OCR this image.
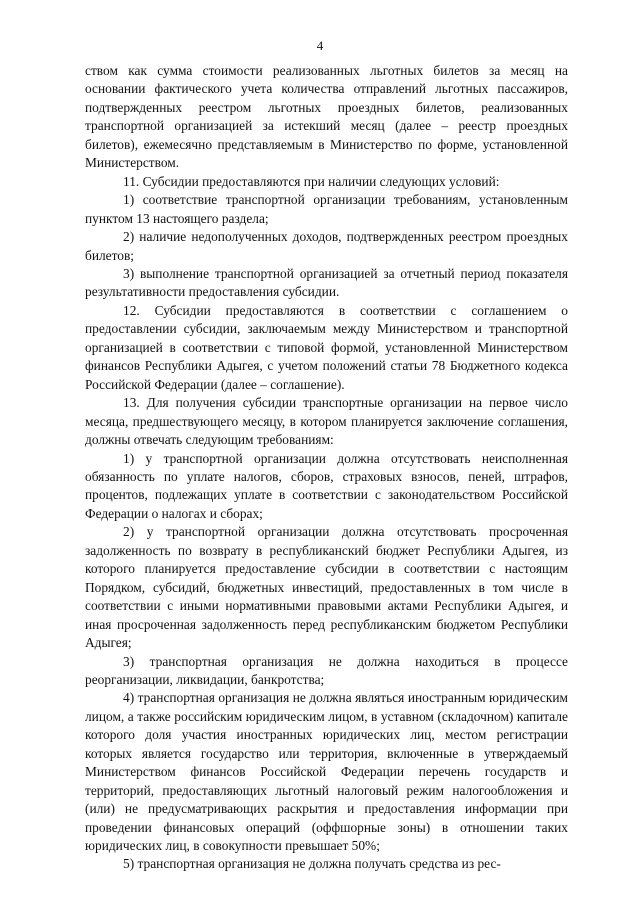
4

ством как сумма стоимости реализованных льготных билетов за месяц на основании фактического учета количества отправлений льготных пассажиров, подтвержденных реестром льготных проездных билетов, реализованных транспортной организацией за истекший месяц (далее – реестр проездных билетов), ежемесячно представляемым в Министерство по форме, установленной Министерством.

11. Субсидии предоставляются при наличии следующих условий:

1) соответствие транспортной организации требованиям, установленным пунктом 13 настоящего раздела;

2) наличие недополученных доходов, подтвержденных реестром проездных билетов;

3) выполнение транспортной организацией за отчетный период показателя результативности предоставления субсидии.

12. Субсидии предоставляются в соответствии с соглашением о предоставлении субсидии, заключаемым между Министерством и транспортной организацией в соответствии с типовой формой, установленной Министерством финансов Республики Адыгея, с учетом положений статьи 78 Бюджетного кодекса Российской Федерации (далее – соглашение).

13. Для получения субсидии транспортные организации на первое число месяца, предшествующего месяцу, в котором планируется заключение соглашения, должны отвечать следующим требованиям:

1) у транспортной организации должна отсутствовать неисполненная обязанность по уплате налогов, сборов, страховых взносов, пеней, штрафов, процентов, подлежащих уплате в соответствии с законодательством Российской Федерации о налогах и сборах;

2) у транспортной организации должна отсутствовать просроченная задолженность по возврату в республиканский бюджет Республики Адыгея, из которого планируется предоставление субсидии в соответствии с настоящим Порядком, субсидий, бюджетных инвестиций, предоставленных в том числе в соответствии с иными нормативными правовыми актами Республики Адыгея, и иная просроченная задолженность перед республиканским бюджетом Республики Адыгея;

3) транспортная организация не должна находиться в процессе реорганизации, ликвидации, банкротства;

4) транспортная организация не должна являться иностранным юридическим лицом, а также российским юридическим лицом, в уставном (складочном) капитале которого доля участия иностранных юридических лиц, местом регистрации которых является государство или территория, включенные в утверждаемый Министерством финансов Российской Федерации перечень государств и территорий, предоставляющих льготный налоговый режим налогообложения и (или) не предусматривающих раскрытия и предоставления информации при проведении финансовых операций (оффшорные зоны) в отношении таких юридических лиц, в совокупности превышает 50%;

5) транспортная организация не должна получать средства из рес-
